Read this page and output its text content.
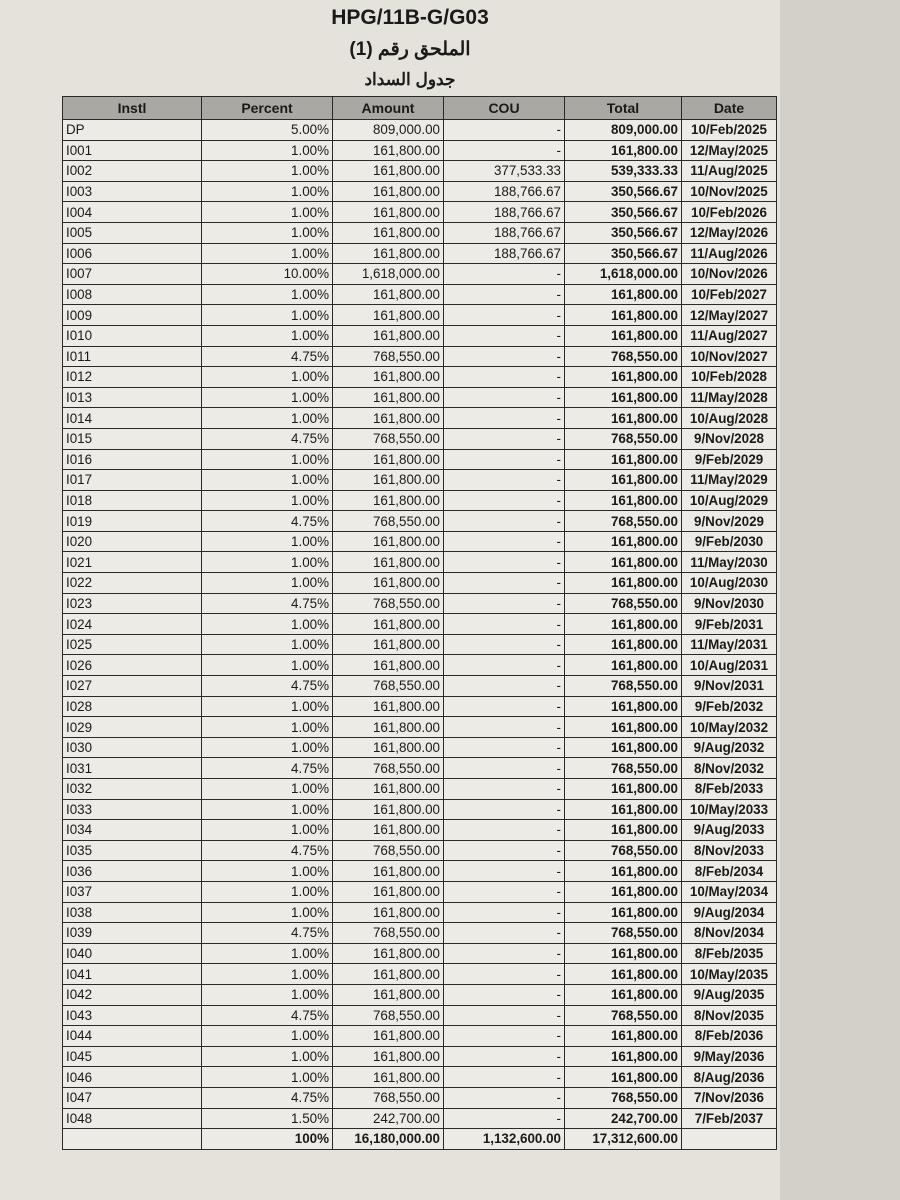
HPG/11B-G/G03
الملحق رقم (1)
جدول السداد
Instl	Percent	Amount	COU	Total	Date
DP	5.00%	809,000.00	-	809,000.00	10/Feb/2025
I001	1.00%	161,800.00	-	161,800.00	12/May/2025
I002	1.00%	161,800.00	377,533.33	539,333.33	11/Aug/2025
I003	1.00%	161,800.00	188,766.67	350,566.67	10/Nov/2025
I004	1.00%	161,800.00	188,766.67	350,566.67	10/Feb/2026
I005	1.00%	161,800.00	188,766.67	350,566.67	12/May/2026
I006	1.00%	161,800.00	188,766.67	350,566.67	11/Aug/2026
I007	10.00%	1,618,000.00	-	1,618,000.00	10/Nov/2026
I008	1.00%	161,800.00	-	161,800.00	10/Feb/2027
I009	1.00%	161,800.00	-	161,800.00	12/May/2027
I010	1.00%	161,800.00	-	161,800.00	11/Aug/2027
I011	4.75%	768,550.00	-	768,550.00	10/Nov/2027
I012	1.00%	161,800.00	-	161,800.00	10/Feb/2028
I013	1.00%	161,800.00	-	161,800.00	11/May/2028
I014	1.00%	161,800.00	-	161,800.00	10/Aug/2028
I015	4.75%	768,550.00	-	768,550.00	9/Nov/2028
I016	1.00%	161,800.00	-	161,800.00	9/Feb/2029
I017	1.00%	161,800.00	-	161,800.00	11/May/2029
I018	1.00%	161,800.00	-	161,800.00	10/Aug/2029
I019	4.75%	768,550.00	-	768,550.00	9/Nov/2029
I020	1.00%	161,800.00	-	161,800.00	9/Feb/2030
I021	1.00%	161,800.00	-	161,800.00	11/May/2030
I022	1.00%	161,800.00	-	161,800.00	10/Aug/2030
I023	4.75%	768,550.00	-	768,550.00	9/Nov/2030
I024	1.00%	161,800.00	-	161,800.00	9/Feb/2031
I025	1.00%	161,800.00	-	161,800.00	11/May/2031
I026	1.00%	161,800.00	-	161,800.00	10/Aug/2031
I027	4.75%	768,550.00	-	768,550.00	9/Nov/2031
I028	1.00%	161,800.00	-	161,800.00	9/Feb/2032
I029	1.00%	161,800.00	-	161,800.00	10/May/2032
I030	1.00%	161,800.00	-	161,800.00	9/Aug/2032
I031	4.75%	768,550.00	-	768,550.00	8/Nov/2032
I032	1.00%	161,800.00	-	161,800.00	8/Feb/2033
I033	1.00%	161,800.00	-	161,800.00	10/May/2033
I034	1.00%	161,800.00	-	161,800.00	9/Aug/2033
I035	4.75%	768,550.00	-	768,550.00	8/Nov/2033
I036	1.00%	161,800.00	-	161,800.00	8/Feb/2034
I037	1.00%	161,800.00	-	161,800.00	10/May/2034
I038	1.00%	161,800.00	-	161,800.00	9/Aug/2034
I039	4.75%	768,550.00	-	768,550.00	8/Nov/2034
I040	1.00%	161,800.00	-	161,800.00	8/Feb/2035
I041	1.00%	161,800.00	-	161,800.00	10/May/2035
I042	1.00%	161,800.00	-	161,800.00	9/Aug/2035
I043	4.75%	768,550.00	-	768,550.00	8/Nov/2035
I044	1.00%	161,800.00	-	161,800.00	8/Feb/2036
I045	1.00%	161,800.00	-	161,800.00	9/May/2036
I046	1.00%	161,800.00	-	161,800.00	8/Aug/2036
I047	4.75%	768,550.00	-	768,550.00	7/Nov/2036
I048	1.50%	242,700.00	-	242,700.00	7/Feb/2037
	100%	16,180,000.00	1,132,600.00	17,312,600.00	
